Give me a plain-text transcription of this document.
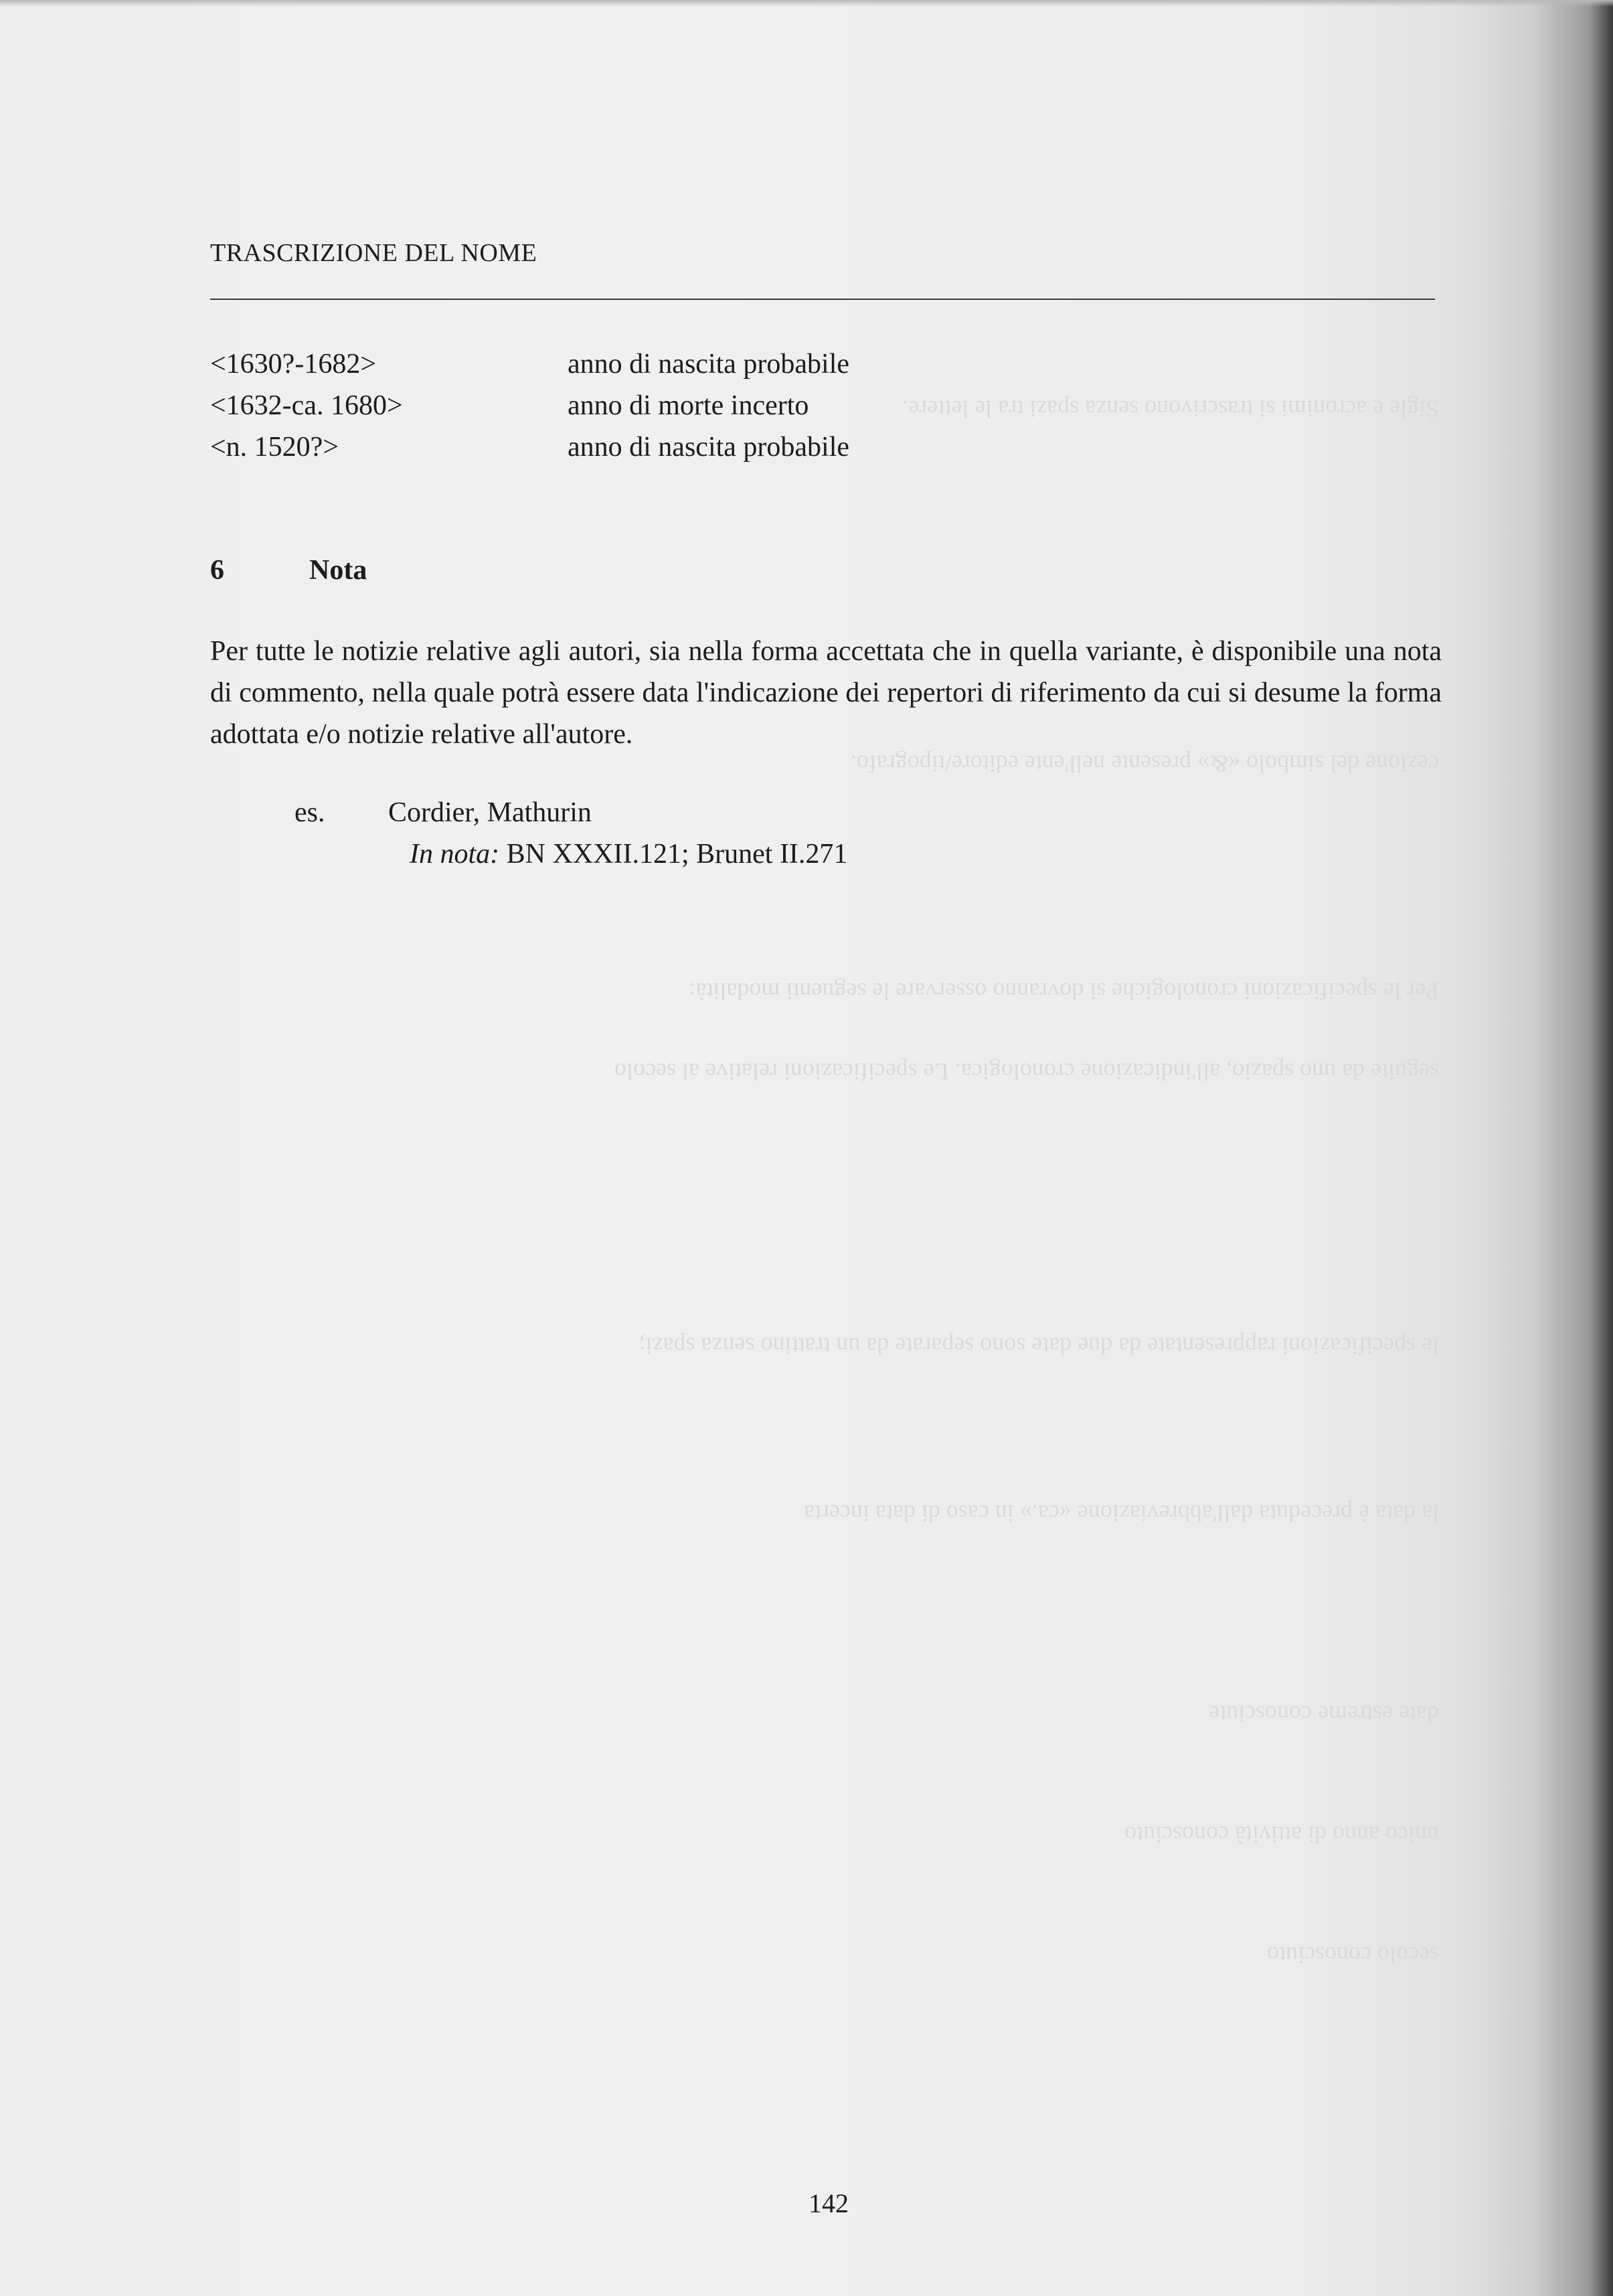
Sigle e acronimi si trascrivono senza spazi tra le lettere.
cezione del simbolo «&» presente nell'ente editore/tipografo.
Per le specificazioni cronologiche si dovranno osservare le seguenti modalità:
seguite da uno spazio, all'indicazione cronologica. Le specificazioni relative al secolo
le specificazioni rappresentate da due date sono separate da un trattino senza spazi;
la data è preceduta dall'abbreviazione «ca.» in caso di data incerta
date estreme conosciute
unico anno di attività conosciuto
secolo conosciuto
TRASCRIZIONE DEL NOME
<1630?-1682>	anno di nascita probabile
<1632-ca. 1680>	anno di morte incerto
<n. 1520?>	anno di nascita probabile
6	Nota
Per tutte le notizie relative agli autori, sia nella forma accettata che in quella variante, è disponibile una nota di commento, nella quale potrà essere data l'indicazione dei repertori di riferimento da cui si desume la forma adottata e/o notizie relative all'autore.
es. Cordier, Mathurin
In nota: BN XXXII.121; Brunet II.271
142
